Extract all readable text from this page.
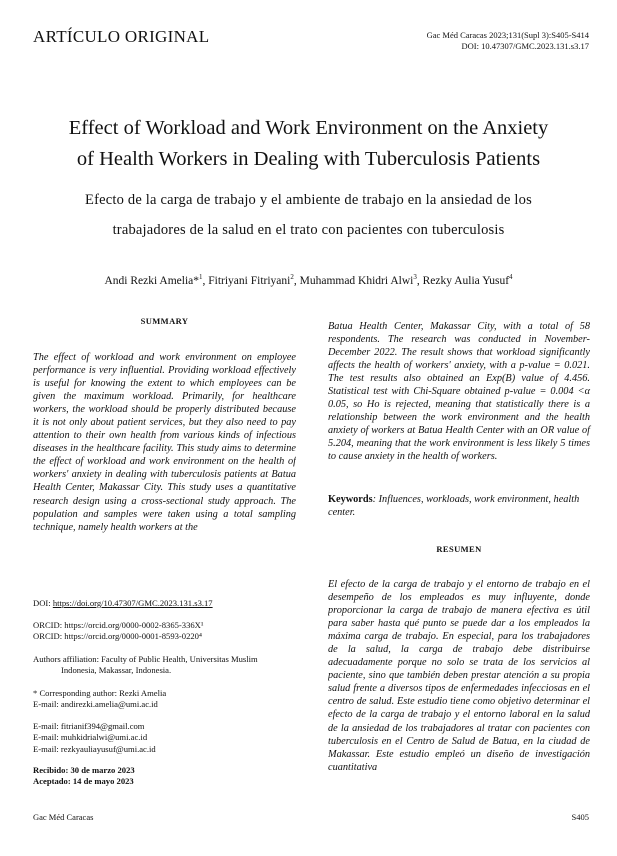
ARTÍCULO ORIGINAL	Gac Méd Caracas 2023;131(Supl 3):S405-S414
DOI: 10.47307/GMC.2023.131.s3.17
Effect of Workload and Work Environment on the Anxiety
of Health Workers in Dealing with Tuberculosis Patients
Efecto de la carga de trabajo y el ambiente de trabajo en la ansiedad de los
trabajadores de la salud en el trato con pacientes con tuberculosis
Andi Rezki Amelia*$^1$, Fitriyani Fitriyani$^2$, Muhammad Khidri Alwi$^3$, Rezky Aulia Yusuf$^4$
SUMMARY
The effect of workload and work environment on employee performance is very influential. Providing workload effectively is useful for knowing the extent to which employees can be given the maximum workload. Primarily, for healthcare workers, the workload should be properly distributed because it is not only about patient services, but they also need to pay attention to their own health from various kinds of infectious diseases in the healthcare facility. This study aims to determine the effect of workload and work environment on the health of workers' anxiety in dealing with tuberculosis patients at Batua Health Center, Makassar City. This study uses a quantitative research design using a cross-sectional study approach. The population and samples were taken using a total sampling technique, namely health workers at the
Batua Health Center, Makassar City, with a total of 58 respondents. The research was conducted in November-December 2022. The result shows that workload significantly affects the health of workers' anxiety, with a p-value = 0.021. The test results also obtained an Exp(B) value of 4.456. Statistical test with Chi-Square obtained p-value = 0.004 <α 0.05, so Ho is rejected, meaning that statistically there is a relationship between the work environment and the health anxiety of workers at Batua Health Center with an OR value of 5.204, meaning that the work environment is less likely 5 times to cause anxiety in the health of workers.
Keywords: Influences, workloads, work environment, health center.
RESUMEN
El efecto de la carga de trabajo y el entorno de trabajo en el desempeño de los empleados es muy influyente, donde proporcionar la carga de trabajo de manera efectiva es útil para saber hasta qué punto se puede dar a los empleados la máxima carga de trabajo. En especial, para los trabajadores de la salud, la carga de trabajo debe distribuirse adecuadamente porque no solo se trata de los servicios al paciente, sino que también deben prestar atención a su propia salud frente a diversos tipos de enfermedades infecciosas en el centro de salud. Este estudio tiene como objetivo determinar el efecto de la carga de trabajo y el entorno laboral en la salud de la ansiedad de los trabajadores al tratar con pacientes con tuberculosis en el Centro de Salud de Batua, en la ciudad de Makassar. Este estudio empleó un diseño de investigación cuantitativa
DOI: https://doi.org/10.47307/GMC.2023.131.s3.17
ORCID: https://orcid.org/0000-0002-8365-336X¹
ORCID: https://orcid.org/0000-0001-8593-0220⁴
Authors affiliation: Faculty of Public Health, Universitas Muslim
Indonesia, Makassar, Indonesia.
* Corresponding author: Rezki Amelia
E-mail: andirezki.amelia@umi.ac.id
E-mail: fitrianif394@gmail.com
E-mail: muhkidrialwi@umi.ac.id
E-mail: rezkyauliayusuf@umi.ac.id
Recibido: 30 de marzo 2023
Aceptado: 14 de mayo 2023
Gac Méd Caracas	S405
